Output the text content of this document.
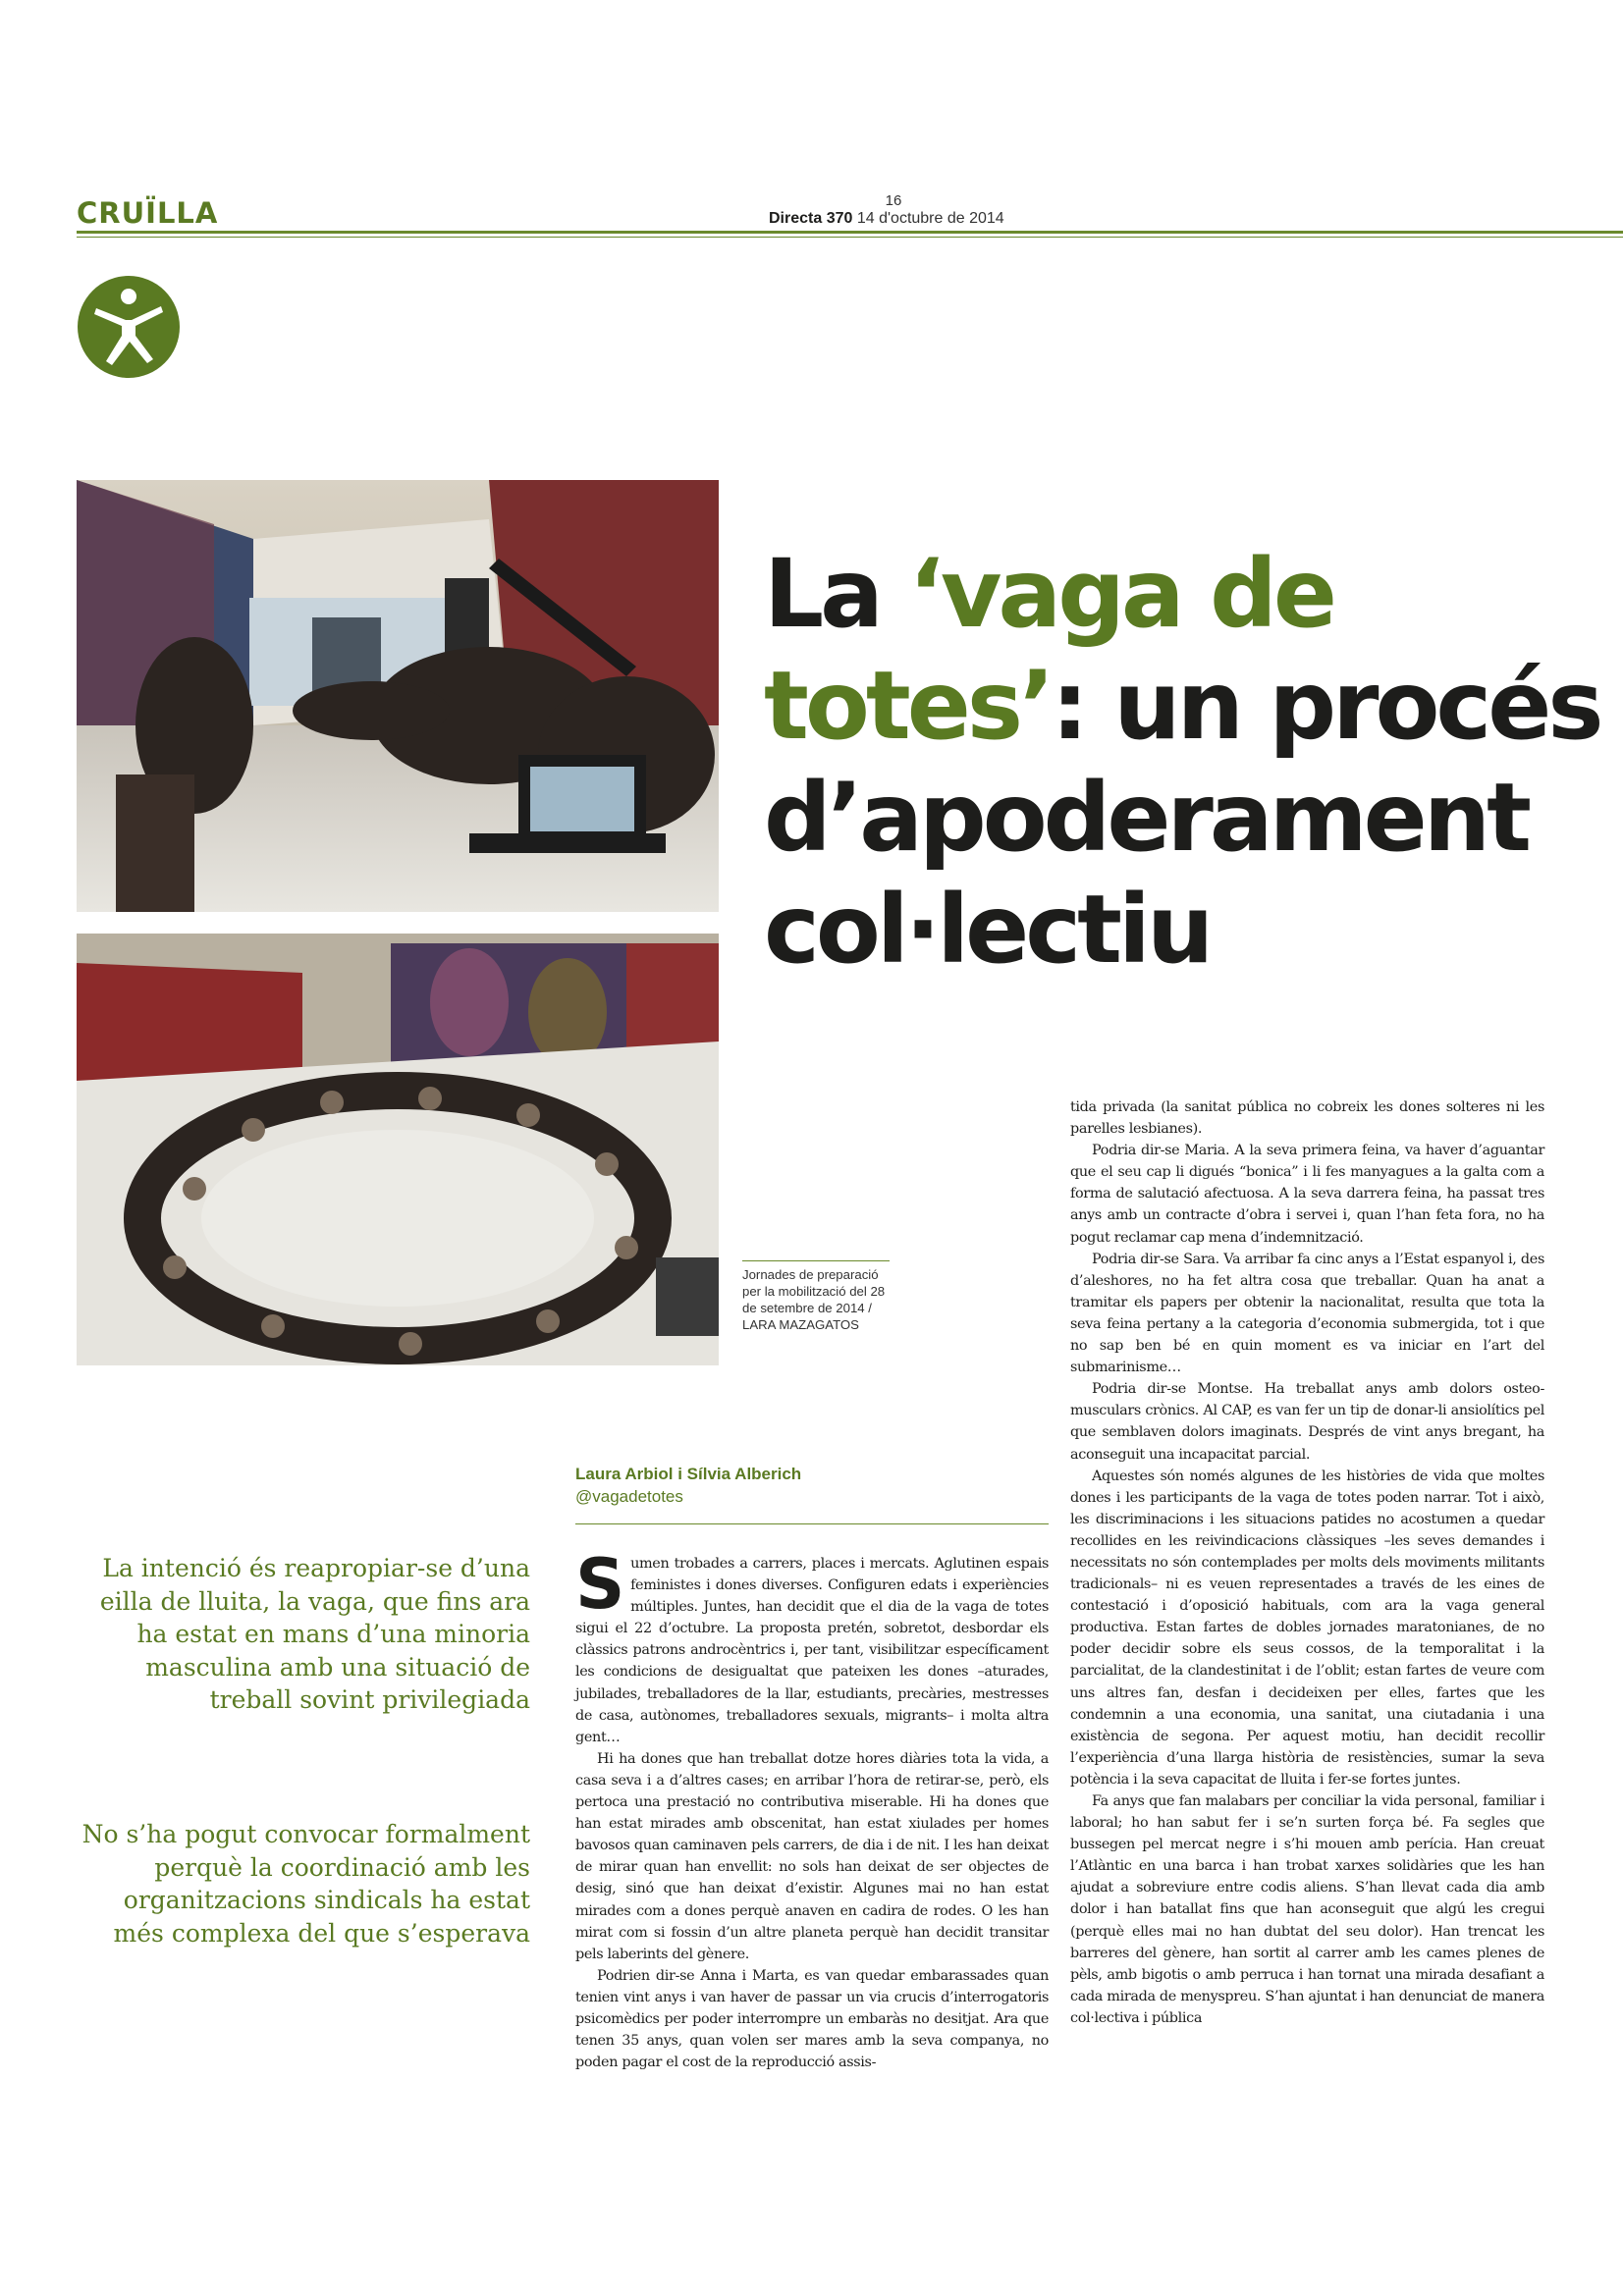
CRUÏLLA	16
Directa 370 14 d'octubre de 2014
Jornades de preparació per la mobilització del 28 de setembre de 2014 / LARA MAZAGATOS
La ‘vaga de totes’: un procés d’apoderament col·lectiu
Laura Arbiol i Sílvia Alberich
@vagadetotes
La intenció és reapropiar-se d’una eilla de lluita, la vaga, que fins ara ha estat en mans d’una minoria masculina amb una situació de treball sovint privilegiada
No s’ha pogut convocar formalment perquè la coordinació amb les organitzacions sindicals ha estat més complexa del que s’esperava

Sumen trobades a carrers, places i mercats. Aglutinen espais feministes i dones diverses. Configuren edats i experiències múltiples. Juntes, han decidit que el dia de la vaga de totes sigui el 22 d’octubre. La proposta pretén, sobretot, desbordar els clàssics patrons androcèntrics i, per tant, visibilitzar específicament les condicions de desigualtat que pateixen les dones –aturades, jubilades, treballadores de la llar, estudiants, precàries, mestresses de casa, autònomes, treballadores sexuals, migrants– i molta altra gent…

Hi ha dones que han treballat dotze hores diàries tota la vida, a casa seva i a d’altres cases; en arribar l’hora de retirar-se, però, els pertoca una prestació no contributiva miserable. Hi ha dones que han estat mirades amb obscenitat, han estat xiulades per homes bavosos quan caminaven pels carrers, de dia i de nit. I les han deixat de mirar quan han envellit: no sols han deixat de ser objectes de desig, sinó que han deixat d’existir. Algunes mai no han estat mirades com a dones perquè anaven en cadira de rodes. O les han mirat com si fossin d’un altre planeta perquè han decidit transitar pels laberints del gènere.

Podrien dir-se Anna i Marta, es van quedar embarassades quan tenien vint anys i van haver de passar un via crucis d’interrogatoris psicomèdics per poder interrompre un embaràs no desitjat. Ara que tenen 35 anys, quan volen ser mares amb la seva companya, no poden pagar el cost de la reproducció assis-

tida privada (la sanitat pública no cobreix les dones solteres ni les parelles lesbianes).

Podria dir-se Maria. A la seva primera feina, va haver d’aguantar que el seu cap li digués “bonica” i li fes manyagues a la galta com a forma de salutació afectuosa. A la seva darrera feina, ha passat tres anys amb un contracte d’obra i servei i, quan l’han feta fora, no ha pogut reclamar cap mena d’indemnització.

Podria dir-se Sara. Va arribar fa cinc anys a l’Estat espanyol i, des d’aleshores, no ha fet altra cosa que treballar. Quan ha anat a tramitar els papers per obtenir la nacionalitat, resulta que tota la seva feina pertany a la categoria d’economia submergida, tot i que no sap ben bé en quin moment es va iniciar en l’art del submarinisme…

Podria dir-se Montse. Ha treballat anys amb dolors osteo-musculars crònics. Al CAP, es van fer un tip de donar-li ansiolítics pel que semblaven dolors imaginats. Després de vint anys bregant, ha aconseguit una incapacitat parcial.

Aquestes són només algunes de les històries de vida que moltes dones i les participants de la vaga de totes poden narrar. Tot i això, les discriminacions i les situacions patides no acostumen a quedar recollides en les reivindicacions clàssiques –les seves demandes i necessitats no són contemplades per molts dels moviments militants tradicionals– ni es veuen representades a través de les eines de contestació i d’oposició habituals, com ara la vaga general productiva. Estan fartes de dobles jornades maratonianes, de no poder decidir sobre els seus cossos, de la temporalitat i la parcialitat, de la clandestinitat i de l’oblit; estan fartes de veure com uns altres fan, desfan i decideixen per elles, fartes que les condemnin a una economia, una sanitat, una ciutadania i una existència de segona. Per aquest motiu, han decidit recollir l’experiència d’una llarga història de resistències, sumar la seva potència i la seva capacitat de lluita i fer-se fortes juntes.

Fa anys que fan malabars per conciliar la vida personal, familiar i laboral; ho han sabut fer i se’n surten força bé. Fa segles que bussegen pel mercat negre i s’hi mouen amb perícia. Han creuat l’Atlàntic en una barca i han trobat xarxes solidàries que les han ajudat a sobreviure entre codis aliens. S’han llevat cada dia amb dolor i han batallat fins que han aconseguit que algú les cregui (perquè elles mai no han dubtat del seu dolor). Han trencat les barreres del gènere, han sortit al carrer amb les cames plenes de pèls, amb bigotis o amb perruca i han tornat una mirada desafiant a cada mirada de menyspreu. S’han ajuntat i han denunciat de manera col·lectiva i pública
